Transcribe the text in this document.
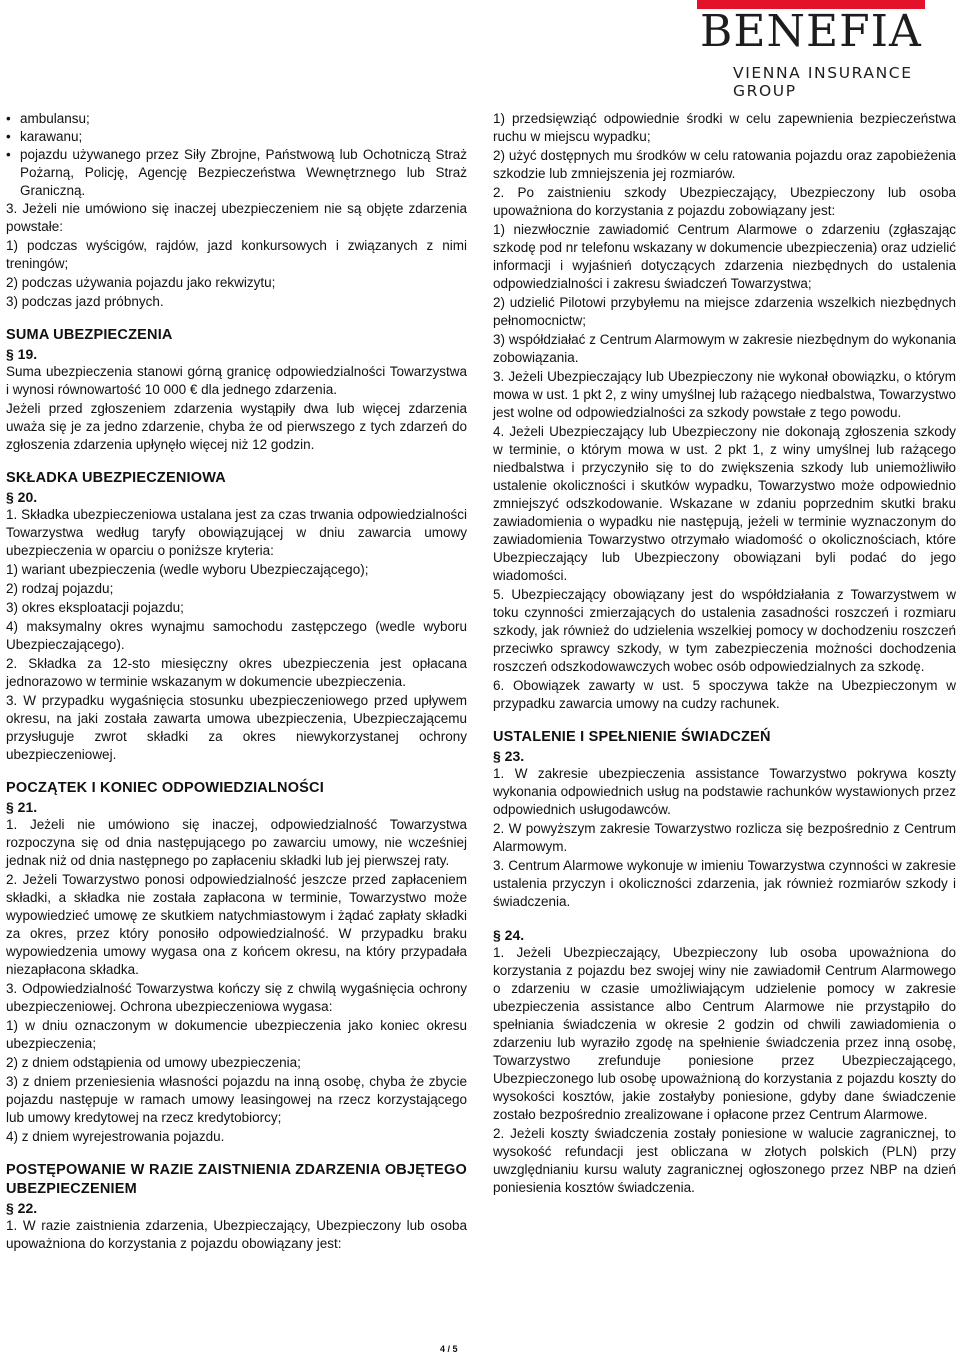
BENEFIA
VIENNA INSURANCE GROUP
• ambulansu;
• karawanu;
• pojazdu używanego przez Siły Zbrojne, Państwową lub Ochotniczą Straż Pożarną, Policję, Agencję Bezpieczeństwa Wewnętrznego lub Straż Graniczną.

3. Jeżeli nie umówiono się inaczej ubezpieczeniem nie są objęte zdarzenia powstałe:

1) podczas wyścigów, rajdów, jazd konkursowych i związanych z nimi treningów;

2) podczas używania pojazdu jako rekwizytu;

3) podczas jazd próbnych.

SUMA UBEZPIECZENIA

§ 19.

Suma ubezpieczenia stanowi górną granicę odpowiedzialności Towarzystwa i wynosi równowartość 10 000 € dla jednego zdarzenia.

Jeżeli przed zgłoszeniem zdarzenia wystąpiły dwa lub więcej zdarzenia uważa się je za jedno zdarzenie, chyba że od pierwszego z tych zdarzeń do zgłoszenia zdarzenia upłynęło więcej niż 12 godzin.

SKŁADKA UBEZPIECZENIOWA

§ 20.

1. Składka ubezpieczeniowa ustalana jest za czas trwania odpowiedzialności Towarzystwa według taryfy obowiązującej w dniu zawarcia umowy ubezpieczenia w oparciu o poniższe kryteria:

1) wariant ubezpieczenia (wedle wyboru Ubezpieczającego);

2) rodzaj pojazdu;

3) okres eksploatacji pojazdu;

4) maksymalny okres wynajmu samochodu zastępczego (wedle wyboru Ubezpieczającego).

2. Składka za 12-sto miesięczny okres ubezpieczenia jest opłacana jednorazowo w terminie wskazanym w dokumencie ubezpieczenia.

3. W przypadku wygaśnięcia stosunku ubezpieczeniowego przed upływem okresu, na jaki została zawarta umowa ubezpieczenia, Ubezpieczającemu przysługuje zwrot składki za okres niewykorzystanej ochrony ubezpieczeniowej.

POCZĄTEK I KONIEC ODPOWIEDZIALNOŚCI

§ 21.

1. Jeżeli nie umówiono się inaczej, odpowiedzialność Towarzystwa rozpoczyna się od dnia następującego po zawarciu umowy, nie wcześniej jednak niż od dnia następnego po zapłaceniu składki lub jej pierwszej raty.

2. Jeżeli Towarzystwo ponosi odpowiedzialność jeszcze przed zapłaceniem składki, a składka nie została zapłacona w terminie, Towarzystwo może wypowiedzieć umowę ze skutkiem natychmiastowym i żądać zapłaty składki za okres, przez który ponosiło odpowiedzialność. W przypadku braku wypowiedzenia umowy wygasa ona z końcem okresu, na który przypadała niezapłacona składka.

3. Odpowiedzialność Towarzystwa kończy się z chwilą wygaśnięcia ochrony ubezpieczeniowej. Ochrona ubezpieczeniowa wygasa:

1) w dniu oznaczonym w dokumencie ubezpieczenia jako koniec okresu ubezpieczenia;

2) z dniem odstąpienia od umowy ubezpieczenia;

3) z dniem przeniesienia własności pojazdu na inną osobę, chyba że zbycie pojazdu następuje w ramach umowy leasingowej na rzecz korzystającego lub umowy kredytowej na rzecz kredytobiorcy;

4) z dniem wyrejestrowania pojazdu.

POSTĘPOWANIE W RAZIE ZAISTNIENIA ZDARZENIA OBJĘTEGO UBEZPIECZENIEM

§ 22.

1. W razie zaistnienia zdarzenia, Ubezpieczający, Ubezpieczony lub osoba upoważniona do korzystania z pojazdu obowiązany jest:

1) przedsięwziąć odpowiednie środki w celu zapewnienia bezpieczeństwa ruchu w miejscu wypadku;

2) użyć dostępnych mu środków w celu ratowania pojazdu oraz zapobieżenia szkodzie lub zmniejszenia jej rozmiarów.

2. Po zaistnieniu szkody Ubezpieczający, Ubezpieczony lub osoba upoważniona do korzystania z pojazdu zobowiązany jest:

1) niezwłocznie zawiadomić Centrum Alarmowe o zdarzeniu (zgłaszając szkodę pod nr telefonu wskazany w dokumencie ubezpieczenia) oraz udzielić informacji i wyjaśnień dotyczących zdarzenia niezbędnych do ustalenia odpowiedzialności i zakresu świadczeń Towarzystwa;

2) udzielić Pilotowi przybyłemu na miejsce zdarzenia wszelkich niezbędnych pełnomocnictw;

3) współdziałać z Centrum Alarmowym w zakresie niezbędnym do wykonania zobowiązania.

3. Jeżeli Ubezpieczający lub Ubezpieczony nie wykonał obowiązku, o którym mowa w ust. 1 pkt 2, z winy umyślnej lub rażącego niedbalstwa, Towarzystwo jest wolne od odpowiedzialności za szkody powstałe z tego powodu.

4. Jeżeli Ubezpieczający lub Ubezpieczony nie dokonają zgłoszenia szkody w terminie, o którym mowa w ust. 2 pkt 1, z winy umyślnej lub rażącego niedbalstwa i przyczyniło się to do zwiększenia szkody lub uniemożliwiło ustalenie okoliczności i skutków wypadku, Towarzystwo może odpowiednio zmniejszyć odszkodowanie. Wskazane w zdaniu poprzednim skutki braku zawiadomienia o wypadku nie następują, jeżeli w terminie wyznaczonym do zawiadomienia Towarzystwo otrzymało wiadomość o okolicznościach, które Ubezpieczający lub Ubezpieczony obowiązani byli podać do jego wiadomości.

5. Ubezpieczający obowiązany jest do współdziałania z Towarzystwem w toku czynności zmierzających do ustalenia zasadności roszczeń i rozmiaru szkody, jak również do udzielenia wszelkiej pomocy w dochodzeniu roszczeń przeciwko sprawcy szkody, w tym zabezpieczenia możności dochodzenia roszczeń odszkodowawczych wobec osób odpowiedzialnych za szkodę.

6. Obowiązek zawarty w ust. 5 spoczywa także na Ubezpieczonym w przypadku zawarcia umowy na cudzy rachunek.

USTALENIE I SPEŁNIENIE ŚWIADCZEŃ

§ 23.

1. W zakresie ubezpieczenia assistance Towarzystwo pokrywa koszty wykonania odpowiednich usług na podstawie rachunków wystawionych przez odpowiednich usługodawców.

2. W powyższym zakresie Towarzystwo rozlicza się bezpośrednio z Centrum Alarmowym.

3. Centrum Alarmowe wykonuje w imieniu Towarzystwa czynności w zakresie ustalenia przyczyn i okoliczności zdarzenia, jak również rozmiarów szkody i świadczenia.

§ 24.

1. Jeżeli Ubezpieczający, Ubezpieczony lub osoba upoważniona do korzystania z pojazdu bez swojej winy nie zawiadomił Centrum Alarmowego o zdarzeniu w czasie umożliwiającym udzielenie pomocy w zakresie ubezpieczenia assistance albo Centrum Alarmowe nie przystąpiło do spełniania świadczenia w okresie 2 godzin od chwili zawiadomienia o zdarzeniu lub wyraziło zgodę na spełnienie świadczenia przez inną osobę, Towarzystwo zrefunduje poniesione przez Ubezpieczającego, Ubezpieczonego lub osobę upoważnioną do korzystania z pojazdu koszty do wysokości kosztów, jakie zostałyby poniesione, gdyby dane świadczenie zostało bezpośrednio zrealizowane i opłacone przez Centrum Alarmowe.

2. Jeżeli koszty świadczenia zostały poniesione w walucie zagranicznej, to wysokość refundacji jest obliczana w złotych polskich (PLN) przy uwzględnianiu kursu waluty zagranicznej ogłoszonego przez NBP na dzień poniesienia kosztów świadczenia.

4 / 5
